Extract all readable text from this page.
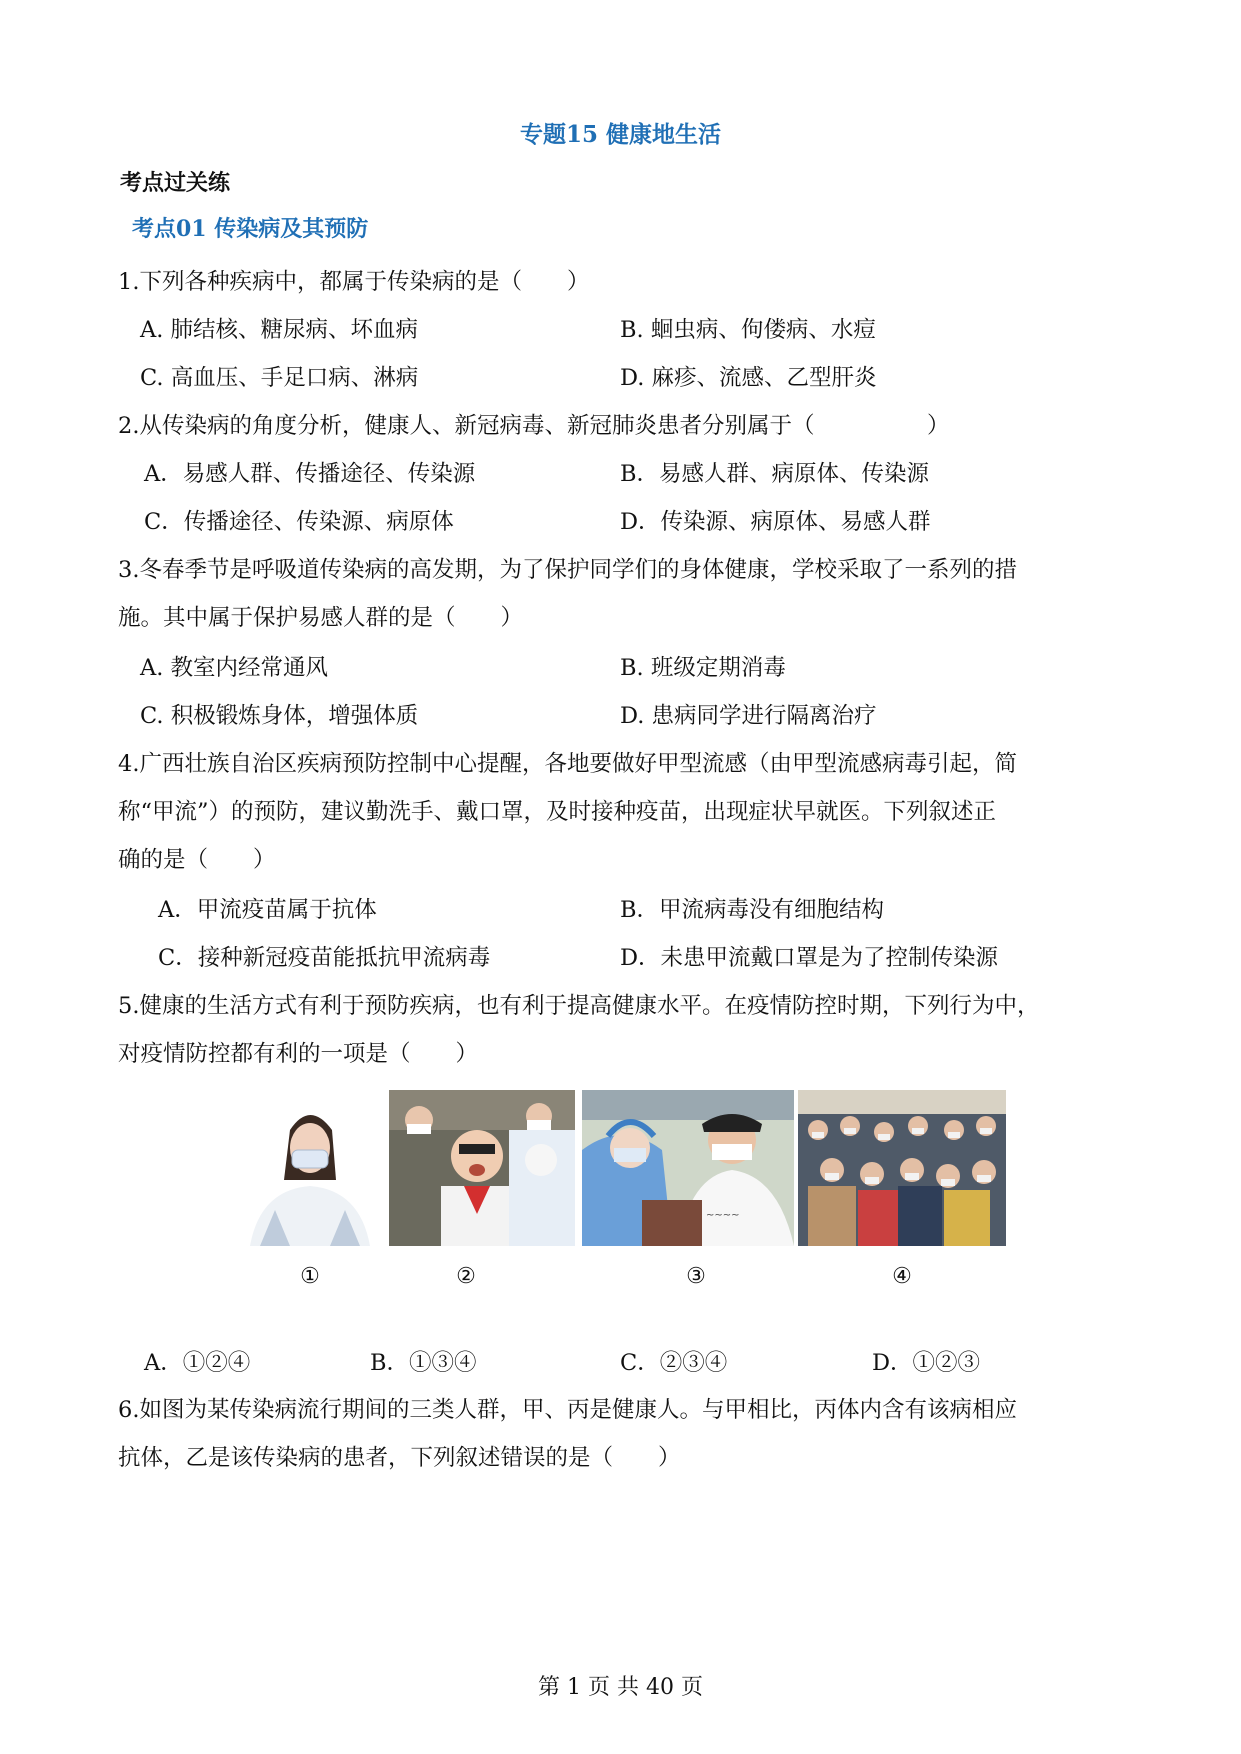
专题15 健康地生活
考点过关练
考点01 传染病及其预防
1.下列各种疾病中，都属于传染病的是（　　）
A. 肺结核、糖尿病、坏血病	B. 蛔虫病、佝偻病、水痘
C. 高血压、手足口病、淋病	D. 麻疹、流感、乙型肝炎
2.从传染病的角度分析，健康人、新冠病毒、新冠肺炎患者分别属于（　　　　　）
A．易感人群、传播途径、传染源	B．易感人群、病原体、传染源
C．传播途径、传染源、病原体	D．传染源、病原体、易感人群
3.冬春季节是呼吸道传染病的高发期，为了保护同学们的身体健康，学校采取了一系列的措
施。其中属于保护易感人群的是（　　）
A. 教室内经常通风	B. 班级定期消毒
C. 积极锻炼身体，增强体质	D. 患病同学进行隔离治疗
4.广西壮族自治区疾病预防控制中心提醒，各地要做好甲型流感（由甲型流感病毒引起，简
称“甲流”）的预防，建议勤洗手、戴口罩，及时接种疫苗，出现症状早就医。下列叙述正
确的是（　　）
A．甲流疫苗属于抗体	B．甲流病毒没有细胞结构
C．接种新冠疫苗能抵抗甲流病毒	D．未患甲流戴口罩是为了控制传染源
5.健康的生活方式有利于预防疾病，也有利于提高健康水平。在疫情防控时期，下列行为中，
对疫情防控都有利的一项是（　　）
~~~~
①	②	③	④
A．①②④	B．①③④	C．②③④	D．①②③
6.如图为某传染病流行期间的三类人群，甲、丙是健康人。与甲相比，丙体内含有该病相应
抗体，乙是该传染病的患者，下列叙述错误的是（　　）
第 1 页 共 40 页
